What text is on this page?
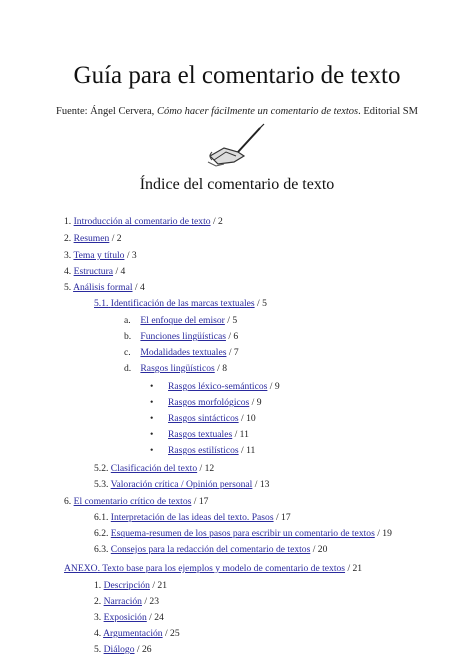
Guía para el comentario de texto
Fuente: Ángel Cervera, Cómo hacer fácilmente un comentario de textos. Editorial SM
Índice del comentario de texto
1. Introducción al comentario de texto / 2
2. Resumen / 2
3. Tema y título / 3
4. Estructura / 4
5. Análisis formal / 4
5.1. Identificación de las marcas textuales / 5
a. El enfoque del emisor / 5
b. Funciones lingüísticas / 6
c. Modalidades textuales / 7
d. Rasgos lingüísticos / 8
• Rasgos léxico-semánticos / 9
• Rasgos morfológicos / 9
• Rasgos sintácticos / 10
• Rasgos textuales / 11
• Rasgos estilísticos / 11
5.2. Clasificación del texto / 12
5.3. Valoración crítica / Opinión personal / 13
6. El comentario crítico de textos / 17
6.1. Interpretación de las ideas del texto. Pasos / 17
6.2. Esquema-resumen de los pasos para escribir un comentario de textos / 19
6.3. Consejos para la redacción del comentario de textos / 20
ANEXO. Texto base para los ejemplos y modelo de comentario de textos / 21
1. Descripción / 21
2. Narración / 23
3. Exposición / 24
4. Argumentación / 25
5. Diálogo / 26
